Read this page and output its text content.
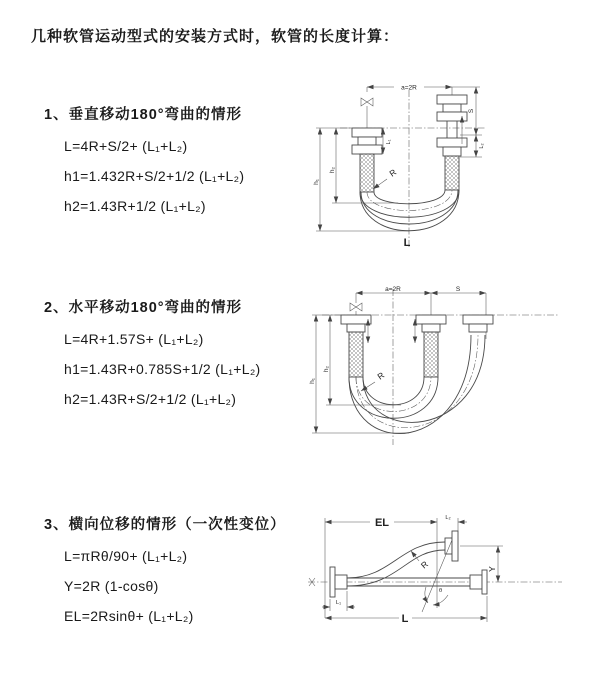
几种软管运动型式的安装方式时，软管的长度计算：
1、垂直移动180°弯曲的情形
L=4R+S/2+ (L₁+L₂)
h1=1.432R+S/2+1/2 (L₁+L₂)
h2=1.43R+1/2 (L₁+L₂)
2、水平移动180°弯曲的情形
L=4R+1.57S+ (L₁+L₂)
h1=1.43R+0.785S+1/2 (L₁+L₂)
h2=1.43R+S/2+1/2 (L₁+L₂)
3、横向位移的情形（一次性变位）
L=πRθ/90+ (L₁+L₂)
Y=2R (1-cosθ)
EL=2Rsinθ+ (L₁+L₂)
a=2R
S
L₂
L₁
h₁
h₂	R
L
a=2R	S
h₁
h₂
R
EL	L₂
Y
L
L₁
θ
R
